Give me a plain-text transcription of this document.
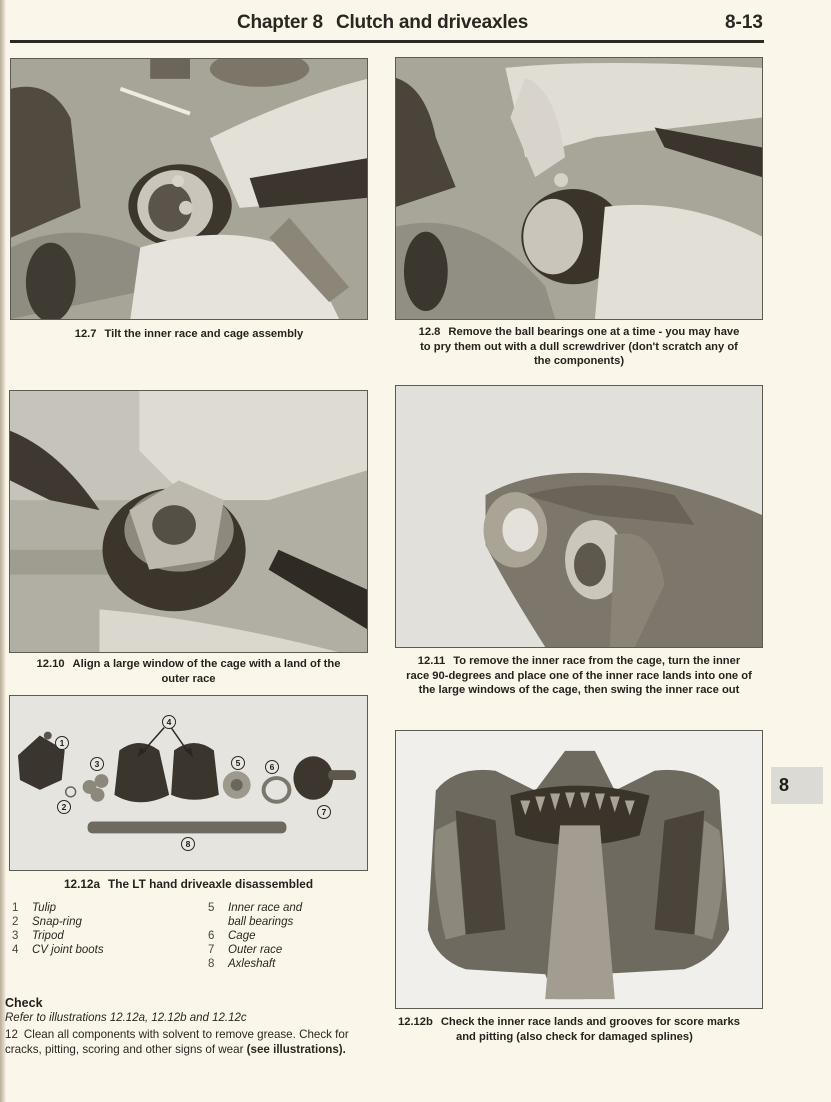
Chapter 8 Clutch and driveaxles	8-13
12.7 Tilt the inner race and cage assembly	12.8 Remove the ball bearings one at a time - you may have
to pry them out with a dull screwdriver (don't scratch any of
the components)
12.10 Align a large window of the cage with a land of the
outer race
12.11 To remove the inner race from the cage, turn the inner
race 90-degrees and place one of the inner race lands into one of
the large windows of the cage, then swing the inner race out
1
2
3
4
5	6
7
8
12.12a The LT hand driveaxle disassembled
1	Tulip
2	Snap-ring
3	Tripod
4	CV joint boots
5	Inner race and
ball bearings
6	Cage
7	Outer race
8	Axleshaft
12.12b Check the inner race lands and grooves for score marks
and pitting (also check for damaged splines)
8
Check
Refer to illustrations 12.12a, 12.12b and 12.12c
12 Clean all components with solvent to remove grease. Check for
cracks, pitting, scoring and other signs of wear (see illustrations).
